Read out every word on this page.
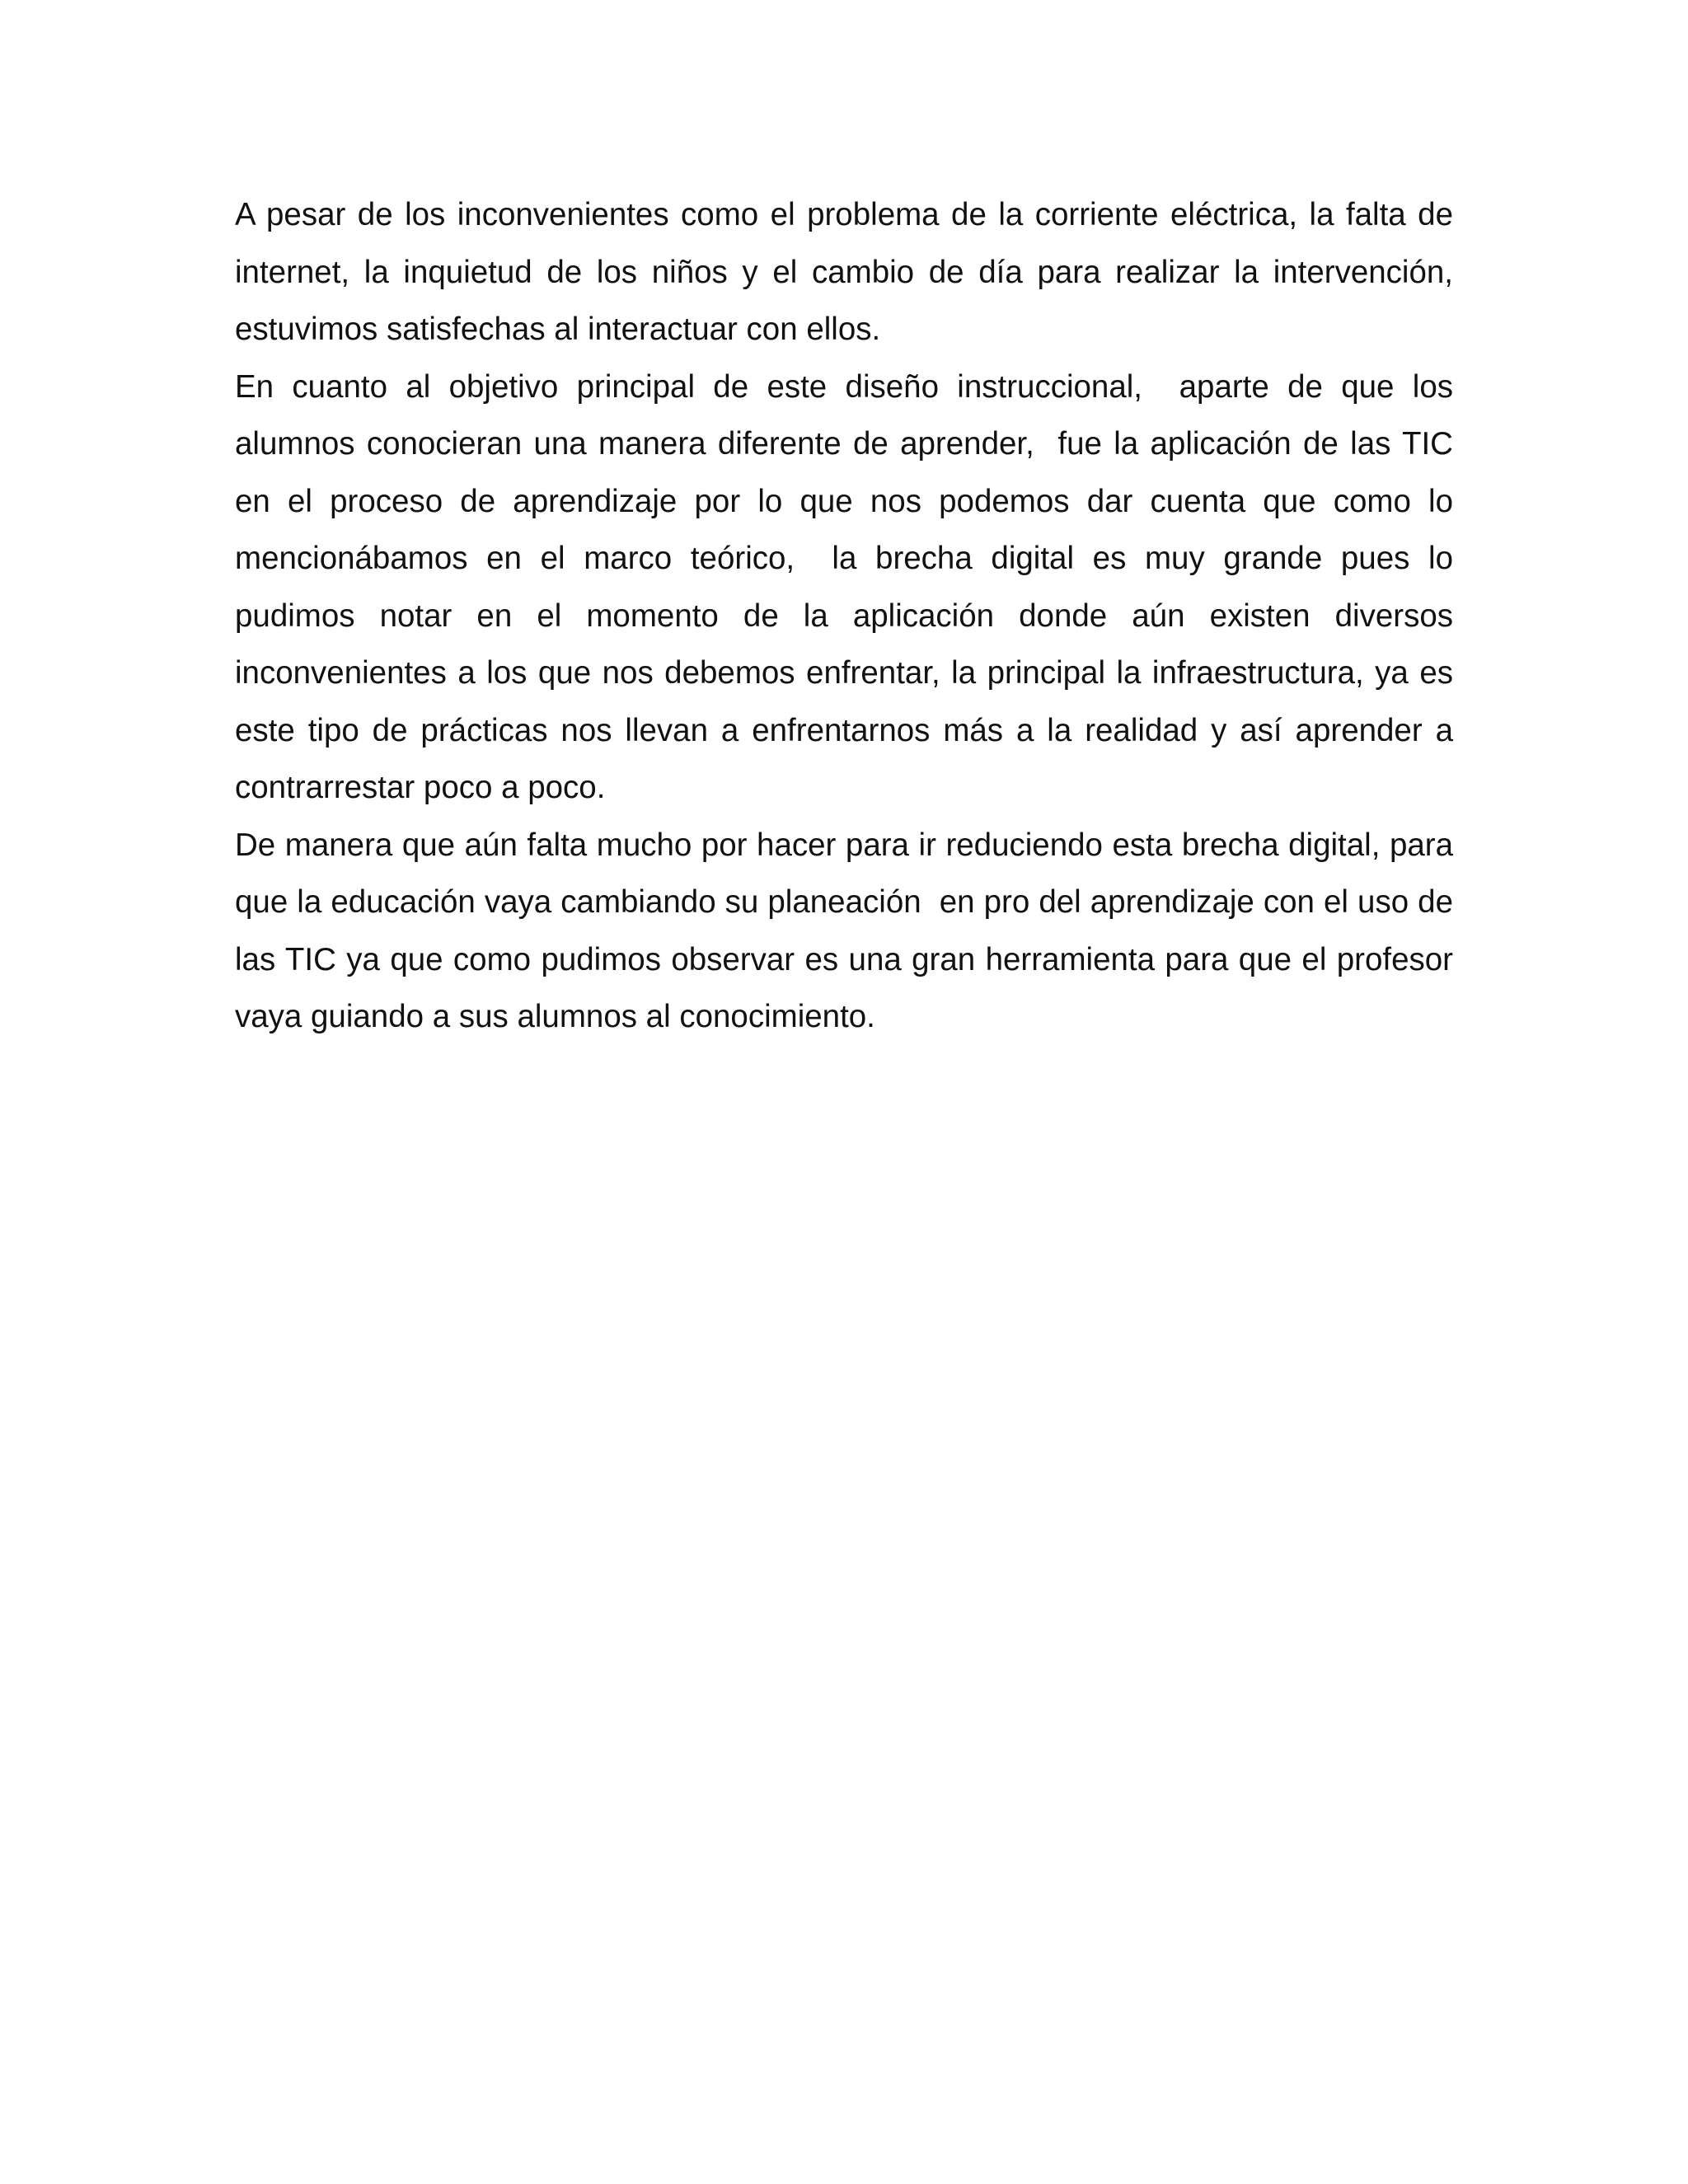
A pesar de los inconvenientes como el problema de la corriente eléctrica, la falta de internet, la inquietud de los niños y el cambio de día para realizar la intervención, estuvimos satisfechas al interactuar con ellos.

En cuanto al objetivo principal de este diseño instruccional,  aparte de que los alumnos conocieran una manera diferente de aprender,  fue la aplicación de las TIC en el proceso de aprendizaje por lo que nos podemos dar cuenta que como lo mencionábamos en el marco teórico,  la brecha digital es muy grande pues lo pudimos notar en el momento de la aplicación donde aún existen diversos inconvenientes a los que nos debemos enfrentar, la principal la infraestructura, ya es este tipo de prácticas nos llevan a enfrentarnos más a la realidad y así aprender a contrarrestar poco a poco.

De manera que aún falta mucho por hacer para ir reduciendo esta brecha digital, para que la educación vaya cambiando su planeación  en pro del aprendizaje con el uso de las TIC ya que como pudimos observar es una gran herramienta para que el profesor vaya guiando a sus alumnos al conocimiento.
